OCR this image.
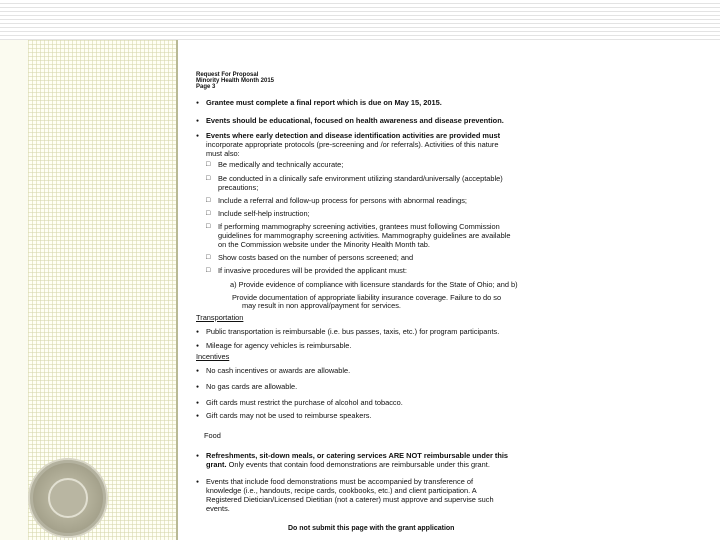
Request For Proposal
Minority Health Month 2015
Page 3
● Grantee must complete a final report which is due on May 15, 2015.
● Events should be educational, focused on health awareness and disease prevention.
● Events where early detection and disease identification activities are provided must
incorporate appropriate protocols (pre-screening and /or referrals). Activities of this nature
must also:
□ Be medically and technically accurate;
□ Be conducted in a clinically safe environment utilizing standard/universally (acceptable)
precautions;
□ Include a referral and follow-up process for persons with abnormal readings;
□ Include self-help instruction;
□ If performing mammography screening activities, grantees must following Commission
guidelines for mammography screening activities. Mammography guidelines are available
on the Commission website under the Minority Health Month tab.
□ Show costs based on the number of persons screened; and
□ If invasive procedures will be provided the applicant must:
a) Provide evidence of compliance with licensure standards for the State of Ohio; and b)
Provide documentation of appropriate liability insurance coverage. Failure to do so
may result in non approval/payment for services.
Transportation
● Public transportation is reimbursable (i.e. bus passes, taxis, etc.) for program participants.
● Mileage for agency vehicles is reimbursable.
Incentives
● No cash incentives or awards are allowable.
● No gas cards are allowable.
● Gift cards must restrict the purchase of alcohol and tobacco.
● Gift cards may not be used to reimburse speakers.
Food
● Refreshments, sit-down meals, or catering services ARE NOT reimbursable under this
grant. Only events that contain food demonstrations are reimbursable under this grant.
● Events that include food demonstrations must be accompanied by transference of
knowledge (i.e., handouts, recipe cards, cookbooks, etc.) and client participation. A
Registered Dietician/Licensed Dietitian (not a caterer) must approve and supervise such
events.
Do not submit this page with the grant application
